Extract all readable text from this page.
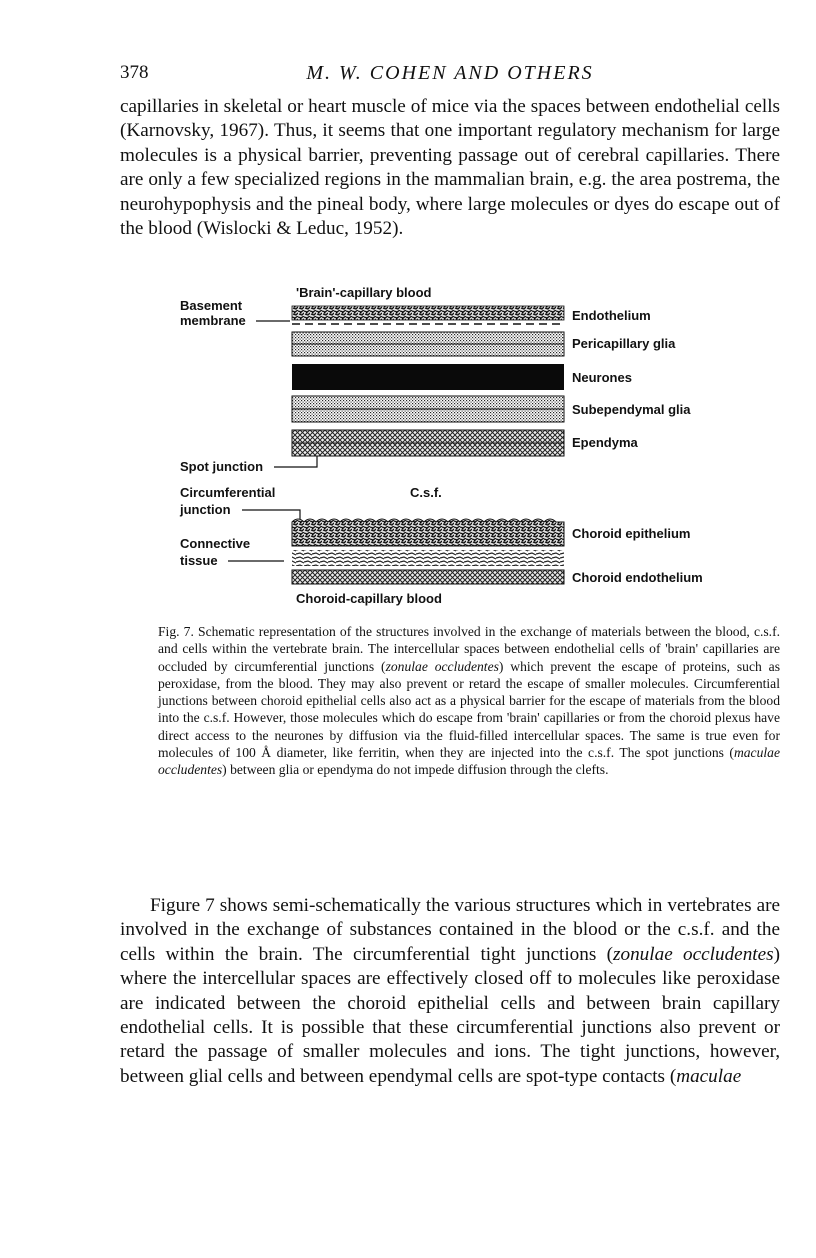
378	M. W. COHEN AND OTHERS

capillaries in skeletal or heart muscle of mice via the spaces between endothelial cells (Karnovsky, 1967). Thus, it seems that one important regulatory mechanism for large molecules is a physical barrier, preventing passage out of cerebral capillaries. There are only a few specialized regions in the mammalian brain, e.g. the area postrema, the neurohypophysis and the pineal body, where large molecules or dyes do escape out of the blood (Wislocki & Leduc, 1952).

'Brain'-capillary blood
Basement
membrane	Endothelium
Pericapillary glia
Neurones
Subependymal glia
Ependyma
Spot junction
Circumferential
junction
C.s.f.
Choroid epithelium
Connective
tissue
Choroid endothelium
Choroid-capillary blood

Fig. 7. Schematic representation of the structures involved in the exchange of materials between the blood, c.s.f. and cells within the vertebrate brain. The intercellular spaces between endothelial cells of 'brain' capillaries are occluded by circumferential junctions (zonulae occludentes) which prevent the escape of proteins, such as peroxidase, from the blood. They may also prevent or retard the escape of smaller molecules. Circumferential junctions between choroid epithelial cells also act as a physical barrier for the escape of materials from the blood into the c.s.f. However, those molecules which do escape from 'brain' capillaries or from the choroid plexus have direct access to the neurones by diffusion via the fluid-filled intercellular spaces. The same is true even for molecules of 100 Å diameter, like ferritin, when they are injected into the c.s.f. The spot junctions (maculae occludentes) between glia or ependyma do not impede diffusion through the clefts.

Figure 7 shows semi-schematically the various structures which in vertebrates are involved in the exchange of substances contained in the blood or the c.s.f. and the cells within the brain. The circumferential tight junctions (zonulae occludentes) where the intercellular spaces are effectively closed off to molecules like peroxidase are indicated between the choroid epithelial cells and between brain capillary endothelial cells. It is possible that these circumferential junctions also prevent or retard the passage of smaller molecules and ions. The tight junctions, however, between glial cells and between ependymal cells are spot-type contacts (maculae
